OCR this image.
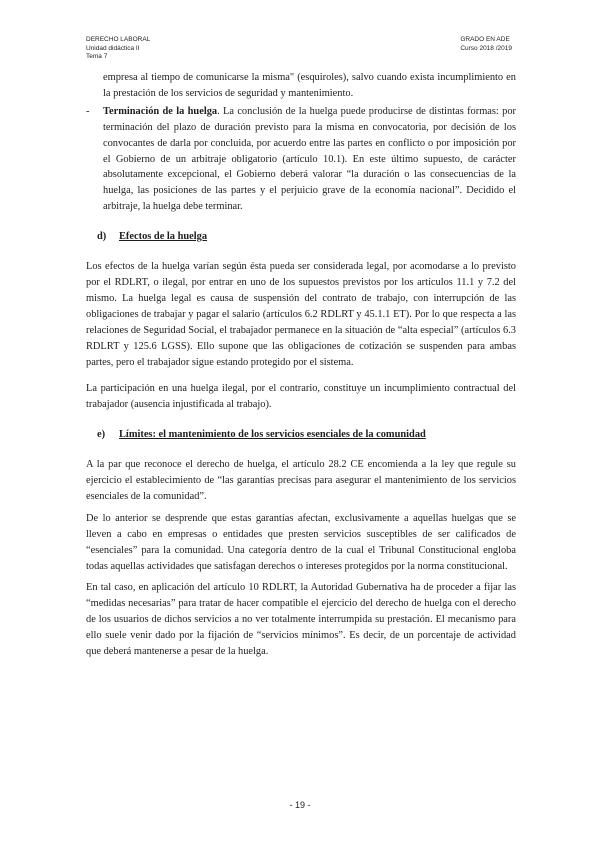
DERECHO LABORAL
Unidad didáctica II
Tema 7
GRADO EN ADE
Curso 2018 /2019

empresa al tiempo de comunicarse la misma" (esquiroles), salvo cuando exista incumplimiento en la prestación de los servicios de seguridad y mantenimiento.

- Terminación de la huelga. La conclusión de la huelga puede producirse de distintas formas: por terminación del plazo de duración previsto para la misma en convocatoria, por decisión de los convocantes de darla por concluida, por acuerdo entre las partes en conflicto o por imposición por el Gobierno de un arbitraje obligatorio (artículo 10.1). En este último supuesto, de carácter absolutamente excepcional, el Gobierno deberá valorar “la duración o las consecuencias de la huelga, las posiciones de las partes y el perjuicio grave de la economía nacional”. Decidido el arbitraje, la huelga debe terminar.

d) Efectos de la huelga

Los efectos de la huelga varían según ésta pueda ser considerada legal, por acomodarse a lo previsto por el RDLRT, o ilegal, por entrar en uno de los supuestos previstos por los artículos 11.1 y 7.2 del mismo. La huelga legal es causa de suspensión del contrato de trabajo, con interrupción de las obligaciones de trabajar y pagar el salario (artículos 6.2 RDLRT y 45.1.1 ET). Por lo que respecta a las relaciones de Seguridad Social, el trabajador permanece en la situación de “alta especial” (artículos 6.3 RDLRT y 125.6 LGSS). Ello supone que las obligaciones de cotización se suspenden para ambas partes, pero el trabajador sigue estando protegido por el sistema.

La participación en una huelga ilegal, por el contrario, constituye un incumplimiento contractual del trabajador (ausencia injustificada al trabajo).

e) Límites: el mantenimiento de los servicios esenciales de la comunidad

A la par que reconoce el derecho de huelga, el artículo 28.2 CE encomienda a la ley que regule su ejercicio el establecimiento de “las garantías precisas para asegurar el mantenimiento de los servicios esenciales de la comunidad”.

De lo anterior se desprende que estas garantías afectan, exclusivamente a aquellas huelgas que se lleven a cabo en empresas o entidades que presten servicios susceptibles de ser calificados de “esenciales” para la comunidad. Una categoría dentro de la cual el Tribunal Constitucional engloba todas aquellas actividades que satisfagan derechos o intereses protegidos por la norma constitucional.

En tal caso, en aplicación del artículo 10 RDLRT, la Autoridad Gubernativa ha de proceder a fijar las “medidas necesarias” para tratar de hacer compatible el ejercicio del derecho de huelga con el derecho de los usuarios de dichos servicios a no ver totalmente interrumpida su prestación. El mecanismo para ello suele venir dado por la fijación de “servicios mínimos”. Es decir, de un porcentaje de actividad que deberá mantenerse a pesar de la huelga.

- 19 -
